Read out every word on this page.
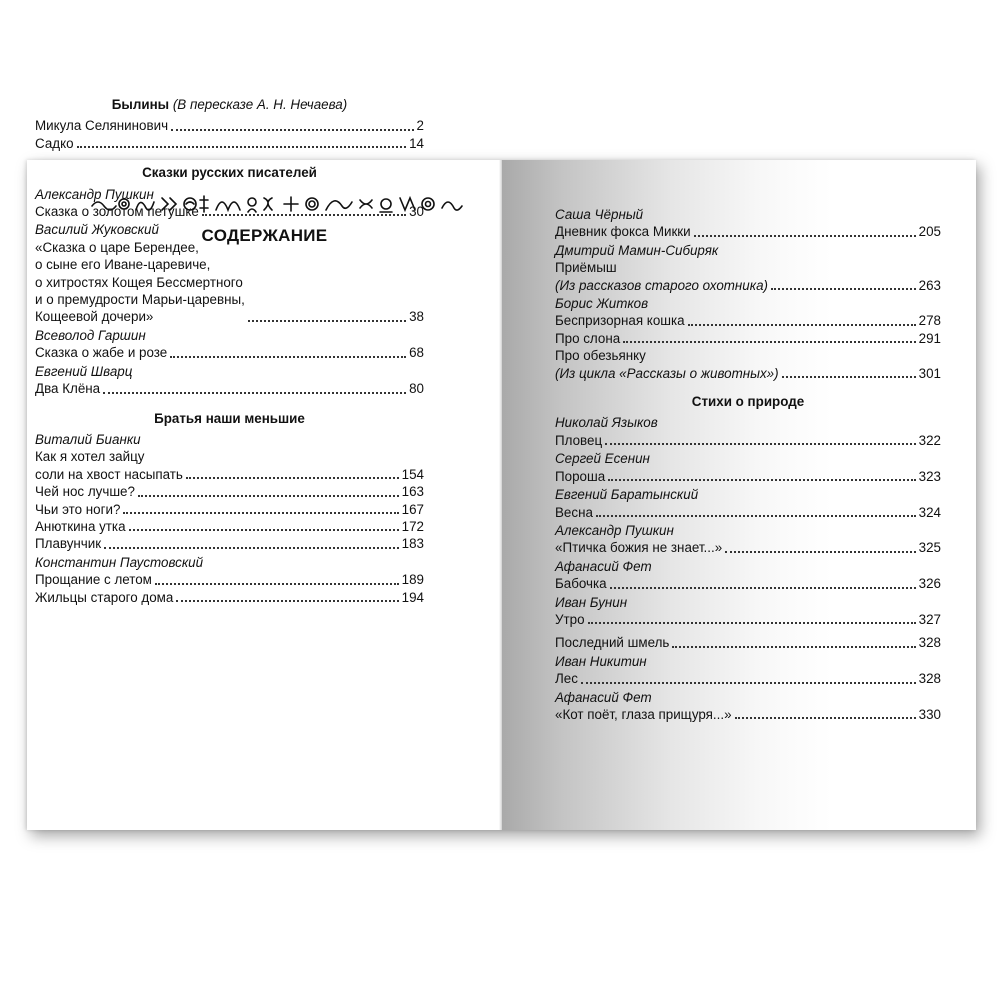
СОДЕРЖАНИЕ
Былины (В пересказе А. Н. Нечаева)
Микула Селянинович	2
Садко	14
Сказки русских писателей
Александр Пушкин
Сказка о золотом петушке	30
Василий Жуковский
«Сказка о царе Берендее,
о сыне его Иване-царевиче,
о хитростях Кощея Бессмертного
и о премудрости Марьи-царевны,
Кощеевой дочери»	38
Всеволод Гаршин
Сказка о жабе и розе	68
Евгений Шварц
Два Клёна	80
Братья наши меньшие
Виталий Бианки
Как я хотел зайцу
соли на хвост насыпать	154
Чей нос лучше?	163
Чьи это ноги?	167
Анюткина утка	172
Плавунчик	183
Константин Паустовский
Прощание с летом	189
Жильцы старого дома	194
Саша Чёрный
Дневник фокса Микки	205
Дмитрий Мамин-Сибиряк
Приёмыш
(Из рассказов старого охотника)	263
Борис Житков
Беспризорная кошка	278
Про слона	291
Про обезьянку
(Из цикла «Рассказы о животных»)	301
Стихи о природе
Николай Языков
Пловец	322
Сергей Есенин
Пороша	323
Евгений Баратынский
Весна	324
Александр Пушкин
«Птичка божия не знает...»	325
Афанасий Фет
Бабочка	326
Иван Бунин
Утро	327
Последний шмель	328
Иван Никитин
Лес	328
Афанасий Фет
«Кот поёт, глаза прищуря...»	330
